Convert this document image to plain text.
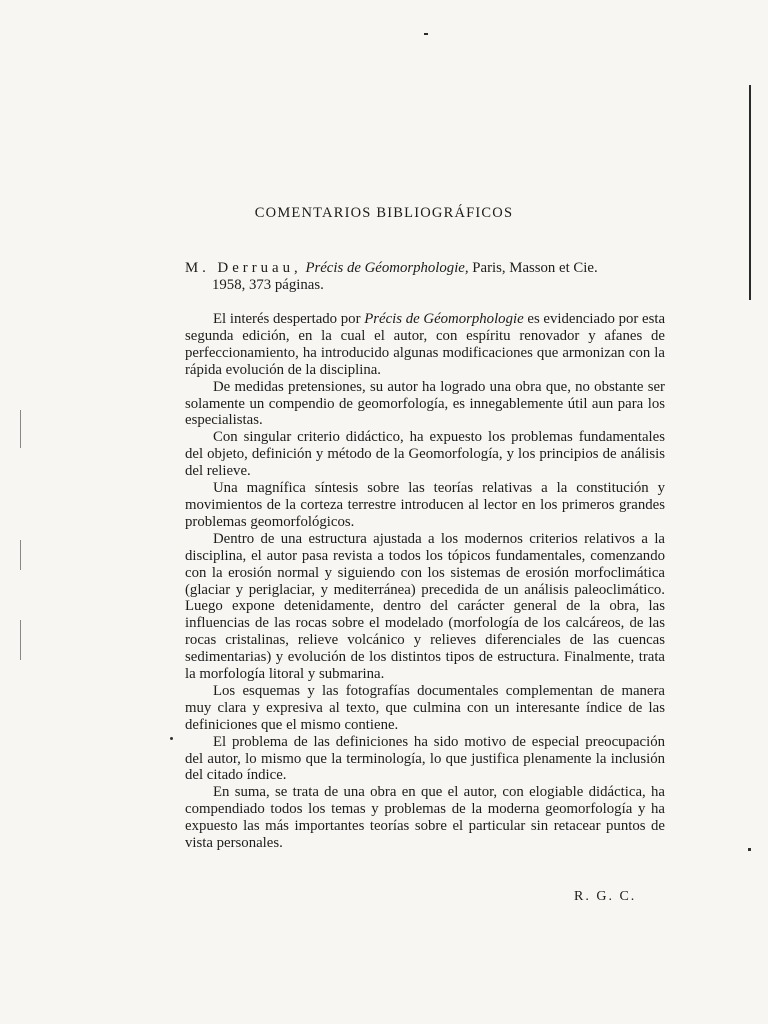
COMENTARIOS BIBLIOGRÁFICOS
M. Derruau, Précis de Géomorphologie, Paris, Masson et Cie.
1958, 373 páginas.

El interés despertado por Précis de Géomorphologie es evidenciado por esta segunda edición, en la cual el autor, con espíritu renovador y afanes de perfeccionamiento, ha introducido algunas modificaciones que armonizan con la rápida evolución de la disciplina.

De medidas pretensiones, su autor ha logrado una obra que, no obstante ser solamente un compendio de geomorfología, es innegablemente útil aun para los especialistas.

Con singular criterio didáctico, ha expuesto los problemas fundamentales del objeto, definición y método de la Geomorfología, y los principios de análisis del relieve.

Una magnífica síntesis sobre las teorías relativas a la constitución y movimientos de la corteza terrestre introducen al lector en los primeros grandes problemas geomorfológicos.

Dentro de una estructura ajustada a los modernos criterios relativos a la disciplina, el autor pasa revista a todos los tópicos fundamentales, comenzando con la erosión normal y siguiendo con los sistemas de erosión morfoclimática (glaciar y periglaciar, y mediterránea) precedida de un análisis paleoclimático. Luego expone detenidamente, dentro del carácter general de la obra, las influencias de las rocas sobre el modelado (morfología de los calcáreos, de las rocas cristalinas, relieve volcánico y relieves diferenciales de las cuencas sedimentarias) y evolución de los distintos tipos de estructura. Finalmente, trata la morfología litoral y submarina.

Los esquemas y las fotografías documentales complementan de manera muy clara y expresiva al texto, que culmina con un interesante índice de las definiciones que el mismo contiene.

El problema de las definiciones ha sido motivo de especial preocupación del autor, lo mismo que la terminología, lo que justifica plenamente la inclusión del citado índice.

En suma, se trata de una obra en que el autor, con elogiable didáctica, ha compendiado todos los temas y problemas de la moderna geomorfología y ha expuesto las más importantes teorías sobre el particular sin retacear puntos de vista personales.

R. G. C.
